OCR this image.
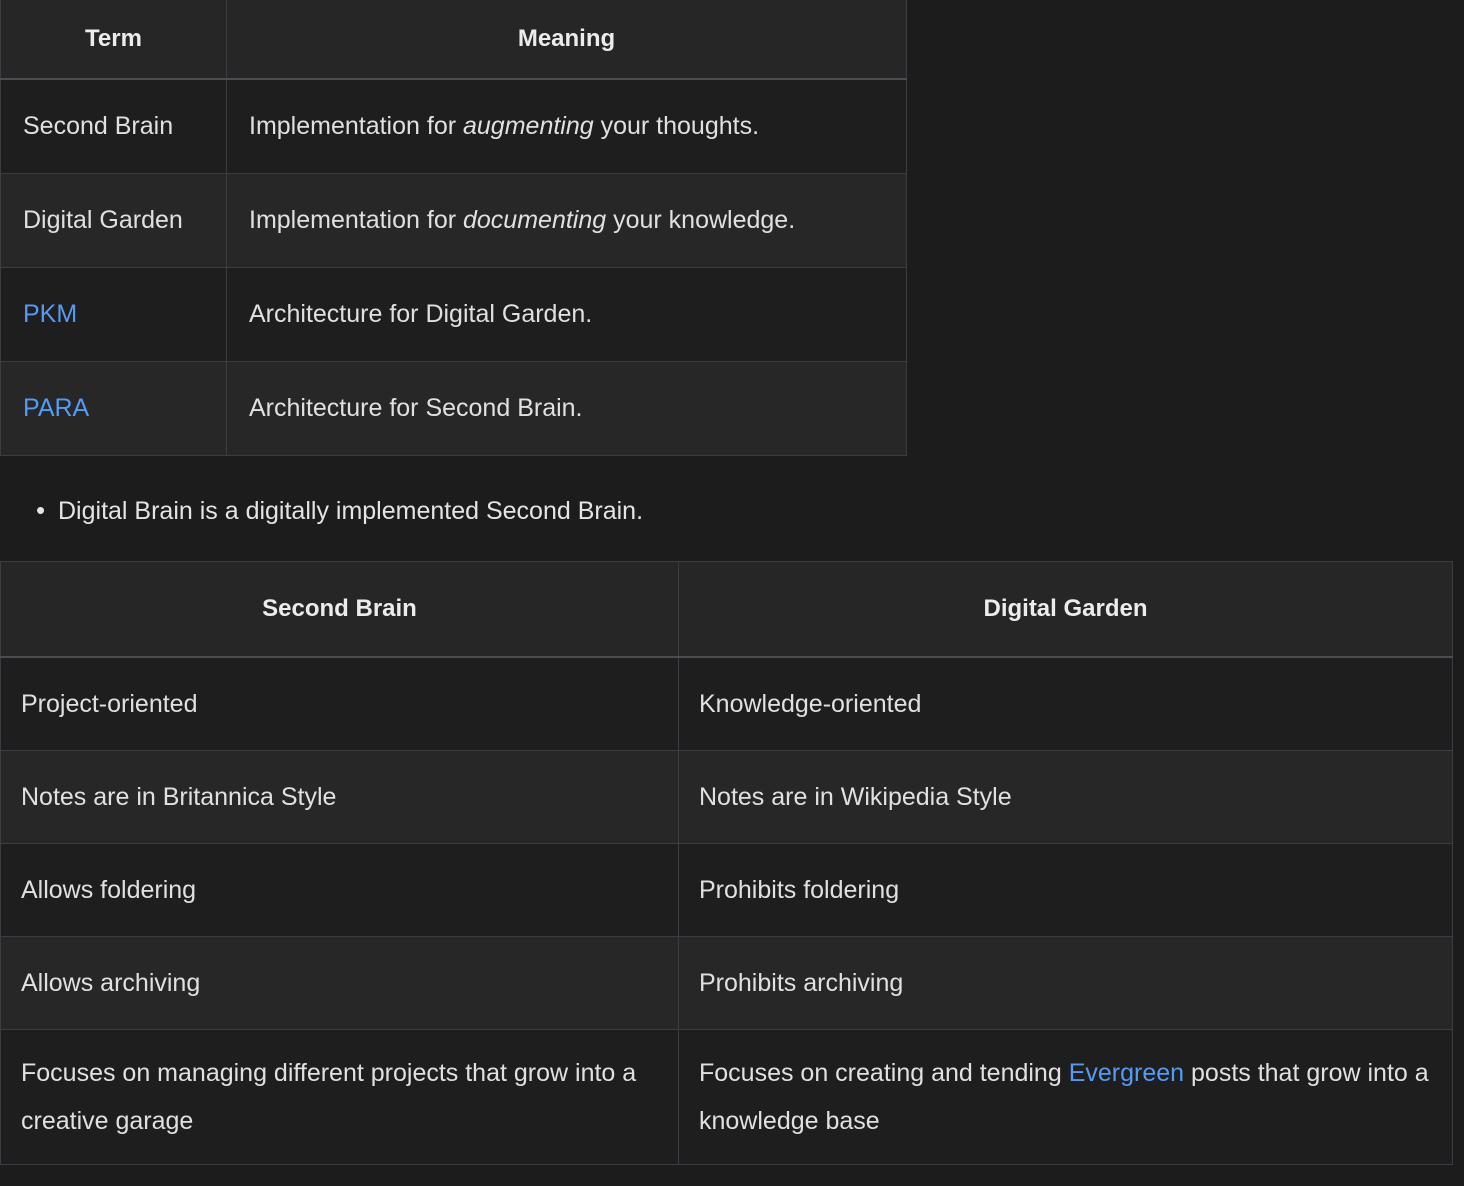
Term	Meaning
Second Brain	Implementation for augmenting your thoughts.
Digital Garden	Implementation for documenting your knowledge.
PKM	Architecture for Digital Garden.
PARA	Architecture for Second Brain.
• Digital Brain is a digitally implemented Second Brain.
Second Brain	Digital Garden
Project-oriented	Knowledge-oriented
Notes are in Britannica Style	Notes are in Wikipedia Style
Allows foldering	Prohibits foldering
Allows archiving	Prohibits archiving
Focuses on managing different projects that grow into a creative garage	Focuses on creating and tending Evergreen posts that grow into a knowledge base
